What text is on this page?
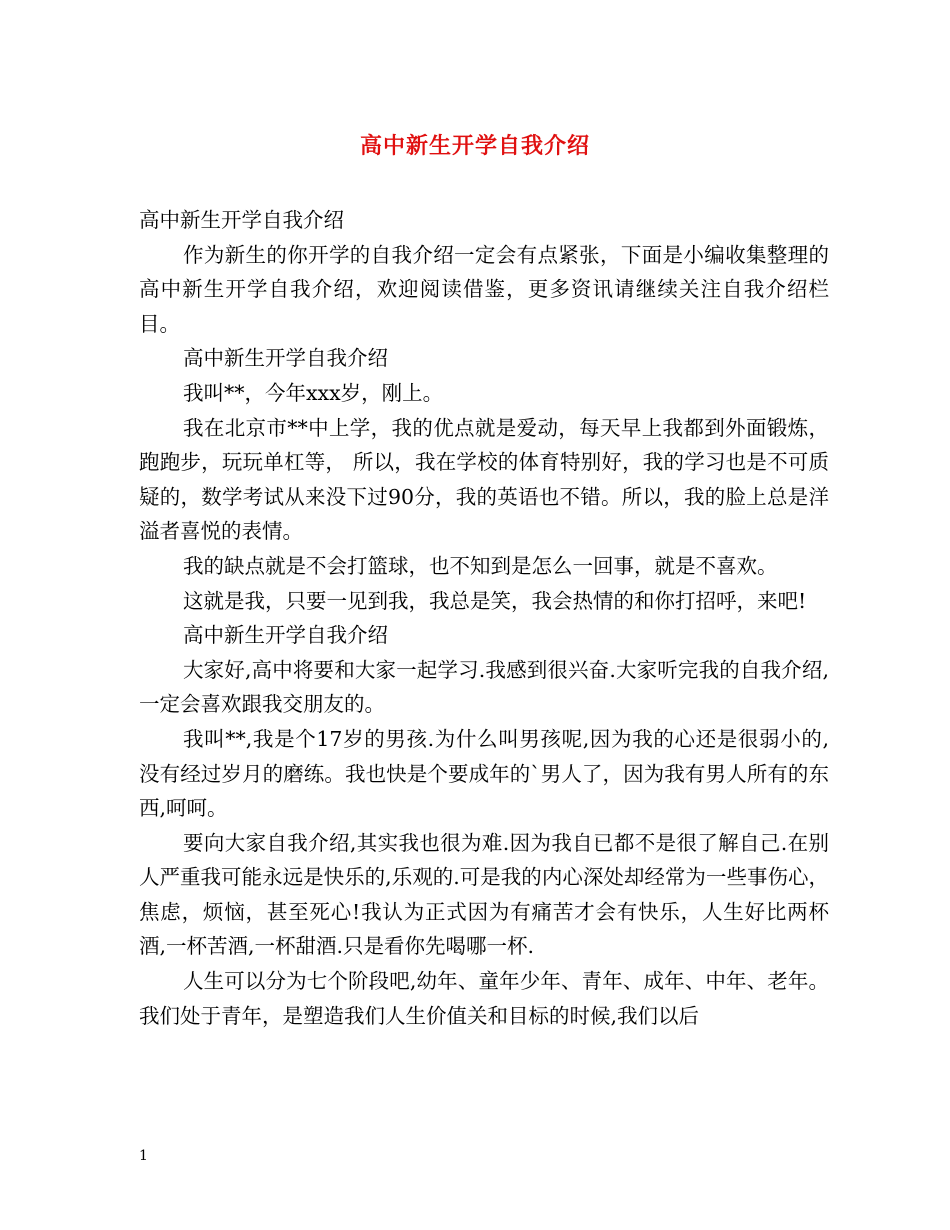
高中新生开学自我介绍

高中新生开学自我介绍

作为新生的你开学的自我介绍一定会有点紧张，下面是小编收集整理的高中新生开学自我介绍，欢迎阅读借鉴，更多资讯请继续关注自我介绍栏目。

高中新生开学自我介绍

我叫**，今年xxx岁，刚上。

我在北京市**中上学，我的优点就是爱动，每天早上我都到外面锻炼，跑跑步，玩玩单杠等， 所以，我在学校的体育特别好，我的学习也是不可质疑的，数学考试从来没下过90分，我的英语也不错。所以，我的脸上总是洋溢者喜悦的表情。

我的缺点就是不会打篮球，也不知到是怎么一回事，就是不喜欢。

这就是我，只要一见到我，我总是笑，我会热情的和你打招呼，来吧!

高中新生开学自我介绍

大家好,高中将要和大家一起学习.我感到很兴奋.大家听完我的自我介绍,一定会喜欢跟我交朋友的。

我叫**,我是个17岁的男孩.为什么叫男孩呢,因为我的心还是很弱小的,没有经过岁月的磨练。我也快是个要成年的`男人了，因为我有男人所有的东西,呵呵。

要向大家自我介绍,其实我也很为难.因为我自已都不是很了解自己.在别人严重我可能永远是快乐的,乐观的.可是我的内心深处却经常为一些事伤心，焦虑，烦恼，甚至死心!我认为正式因为有痛苦才会有快乐，人生好比两杯酒,一杯苦酒,一杯甜酒.只是看你先喝哪一杯.

人生可以分为七个阶段吧,幼年、童年少年、青年、成年、中年、老年。我们处于青年，是塑造我们人生价值关和目标的时候,我们以后

1
